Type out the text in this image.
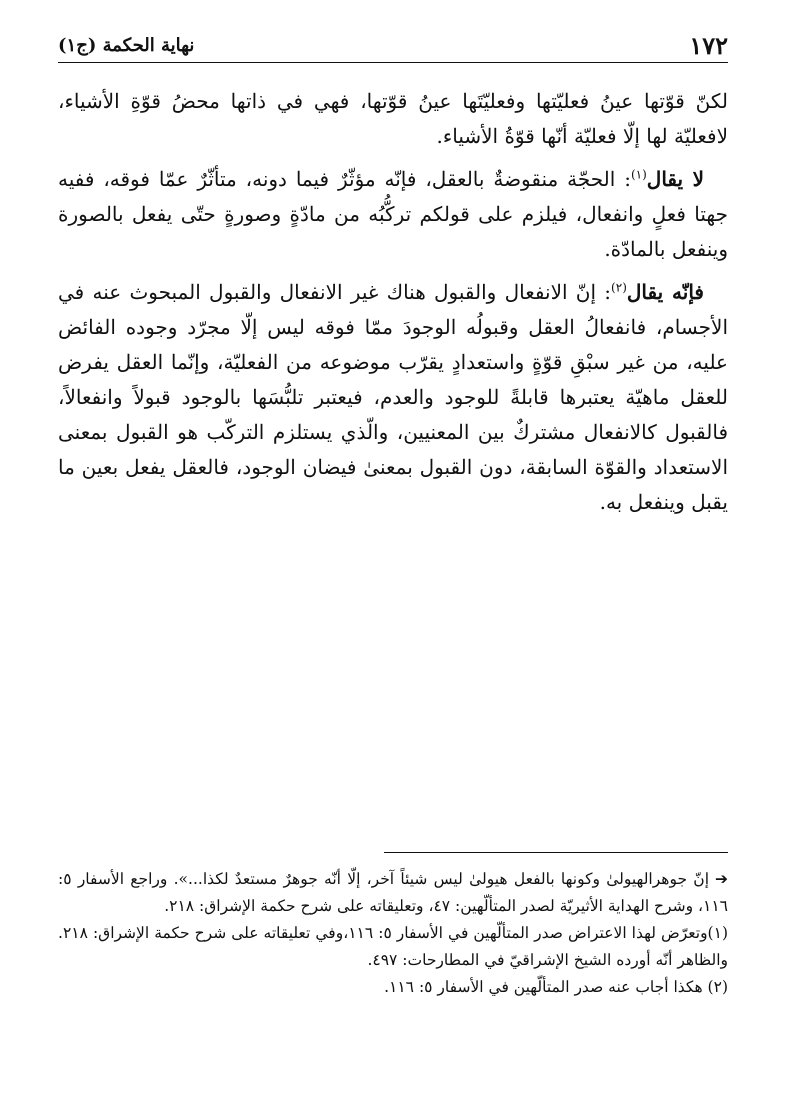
١٧٢
نهاية الحكمة (ج١)

لكنّ قوّتها عينُ فعليّتها وفعليّتَها عينُ قوّتها، فهي في ذاتها محضُ قوّةِ الأشياء، لافعليّة لها إلّا فعليّة أنّها قوّةُ الأشياء.

لا يقال$^{(١)}$: الحجّة منقوضةٌ بالعقل، فإنّه مؤثّرٌ فيما دونه، متأثّرٌ عمّا فوقه، ففيه جهتا فعلٍ وانفعال، فيلزم على قولكم تركُّبُه من مادّةٍ وصورةٍ حتّى يفعل بالصورة وينفعل بالمادّة.

فإنّه يقال$^{(٢)}$: إنّ الانفعال والقبول هناك غير الانفعال والقبول المبحوث عنه في الأجسام، فانفعالُ العقل وقبولُه الوجودَ ممّا فوقه ليس إلّا مجرّد وجوده الفائض عليه، من غير سبْقِ قوّةٍ واستعدادٍ يقرّب موضوعه من الفعليّة، وإنّما العقل يفرض للعقل ماهيّة يعتبرها قابلةً للوجود والعدم، فيعتبر تلبُّسَها بالوجود قبولاً وانفعالاً، فالقبول كالانفعال مشتركٌ بين المعنيين، والّذي يستلزم التركّب هو القبول بمعنى الاستعداد والقوّة السابقة، دون القبول بمعنىٰ فيضان الوجود، فالعقل يفعل بعين ما يقبل وينفعل به.

➔إنّ جوهرالهيولىٰ وكونها بالفعل هيولىٰ ليس شيئاً آخر، إلّا أنّه جوهرٌ مستعدٌ لكذا...». وراجع الأسفار ٥: ١١٦، وشرح الهداية الأثيريّة لصدر المتألّهين: ٤٧، وتعليقاته على شرح حكمة الإشراق: ٢١٨.

(١)وتعرّض لهذا الاعتراض صدر المتألّهين في الأسفار ٥: ١١٦،وفي تعليقاته على شرح حكمة الإشراق: ٢١٨. والظاهر أنّه أورده الشيخ الإشراقيّ في المطارحات: ٤٩٧.

(٢) هكذا أجاب عنه صدر المتألّهين في الأسفار ٥: ١١٦.
